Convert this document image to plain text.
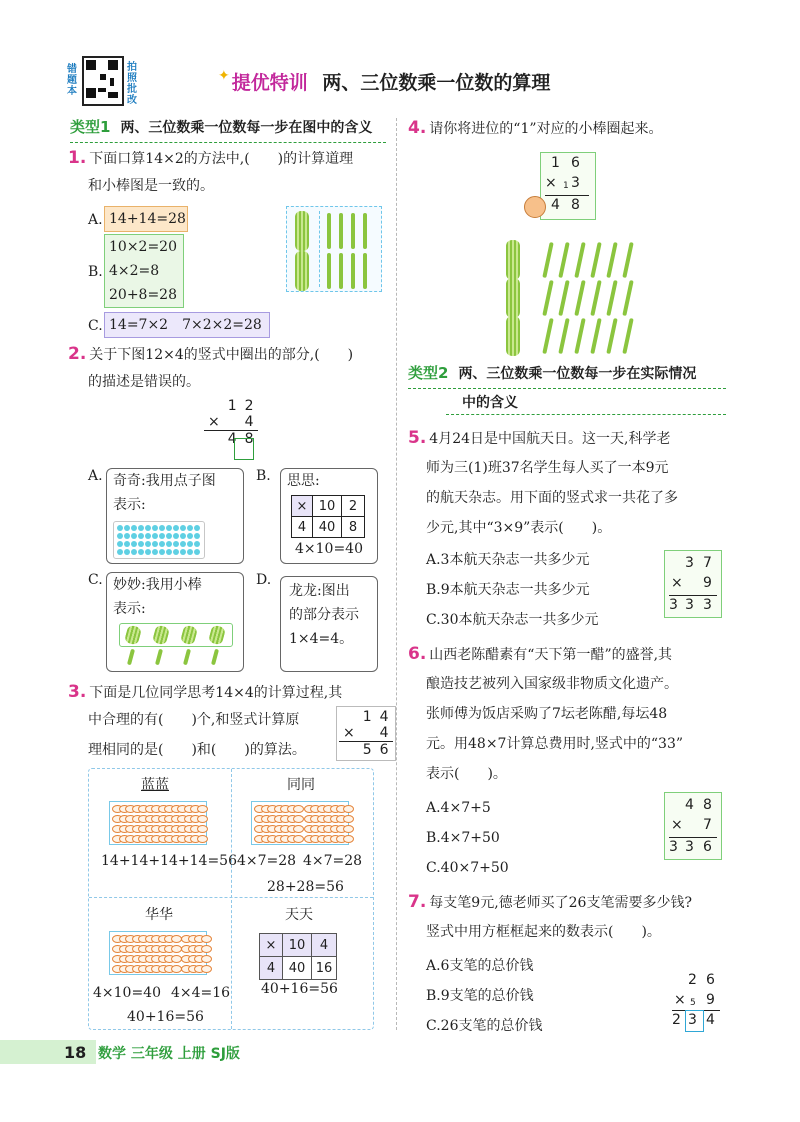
错题本
拍照批改
✦ 提优特训 两、三位数乘一位数的算理
类型1 两、三位数乘一位数每一步在图中的含义
1. 下面口算14×2的方法中,(　　)的计算道理
和小棒图是一致的。
A. 14+14=28
B.
10×2=20
4×2=8
20+8=28
C. 14=7×2　7×2×2=28
2. 关于下图12×4的竖式中圈出的部分,(　　)
的描述是错误的。
	1	2
×		4
	4	8
A. 奇奇:我用点子图
表示:
B. 思思:
×	10	2
4	40	8
4×10=40
C. 妙妙:我用小棒
表示:
D.
龙龙:图出
的部分表示
1×4=4。
3. 下面是几位同学思考14×4的计算过程,其
中合理的有(　　)个,和竖式计算原
理相同的是(　　)和(　　)的算法。
	1	4
×		4
	5	6
蓝蓝
14+14+14+14=56
同同
4×7=28 4×7=28
28+28=56
华华
4×10=40 4×4=16
40+16=56
天天
×	10	4
4	40	16
40+16=56
4. 请你将进位的“1”对应的小棒圈起来。
1 6
× 1 3
4 8
类型2 两、三位数乘一位数每一步在实际情况
中的含义
5. 4月24日是中国航天日。这一天,科学老
师为三(1)班37名学生每人买了一本9元
的航天杂志。用下面的竖式求一共花了多
少元,其中“3×9”表示(　　)。
A.3本航天杂志一共多少元
B.9本航天杂志一共多少元
C.30本航天杂志一共多少元
3 7
× 9
3 3 3
6. 山西老陈醋素有“天下第一醋”的盛誉,其
酿造技艺被列入国家级非物质文化遗产。
张师傅为饭店采购了7坛老陈醋,每坛48
元。用48×7计算总费用时,竖式中的“33”
表示(　　)。
A.4×7+5
B.4×7+50
C.40×7+50
4 8
× 7
3 3 6
7. 每支笔9元,德老师买了26支笔需要多少钱?
竖式中用方框框起来的数表示(　　)。
A.6支笔的总价钱
B.9支笔的总价钱
C.26支笔的总价钱
2 6
× 5 9
2 3 4
18 数学 三年级 上册 SJ版
